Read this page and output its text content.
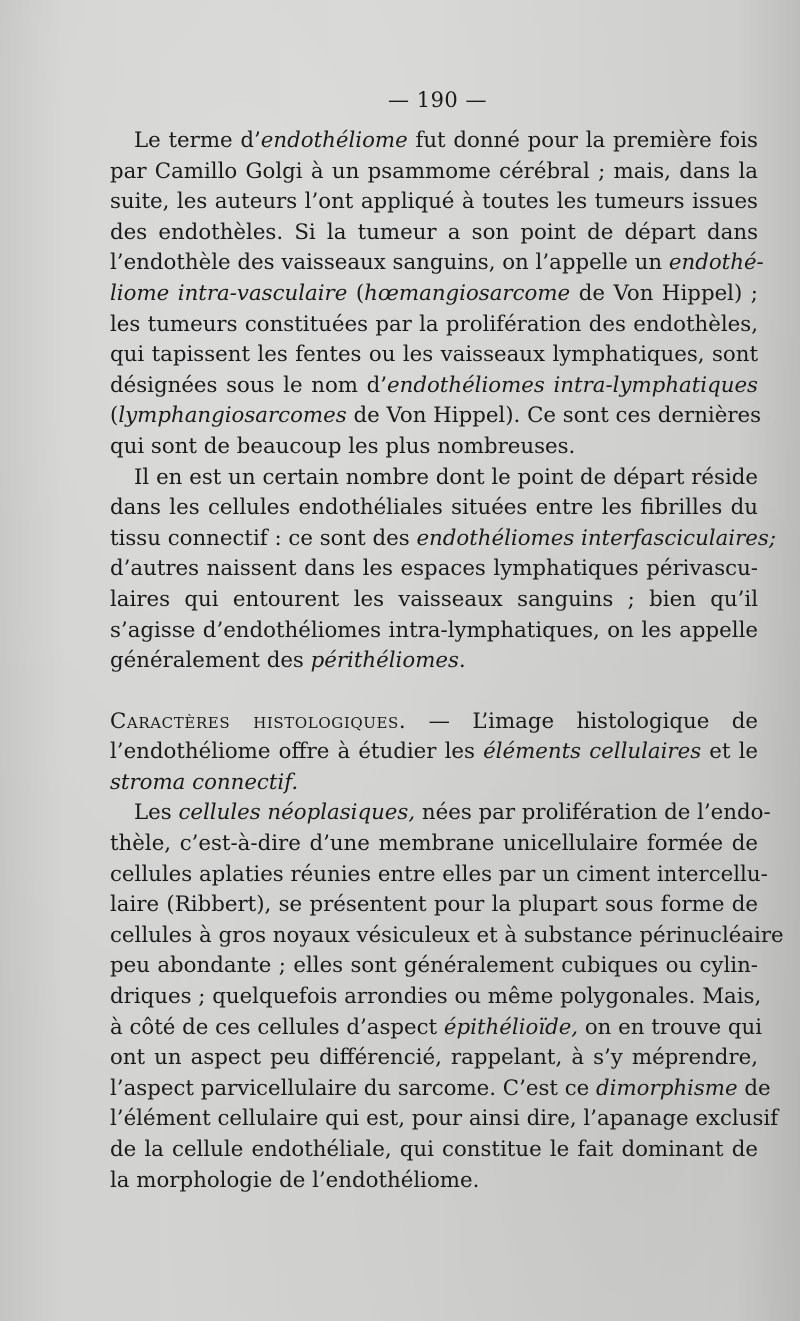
— 190 —
Le terme d’endothéliome fut donné pour la première fois
par Camillo Golgi à un psammome cérébral ; mais, dans la
suite, les auteurs l’ont appliqué à toutes les tumeurs issues
des endothèles. Si la tumeur a son point de départ dans
l’endothèle des vaisseaux sanguins, on l’appelle un endothé-
liome intra-vasculaire (hœmangiosarcome de Von Hippel) ;
les tumeurs constituées par la prolifération des endothèles,
qui tapissent les fentes ou les vaisseaux lymphatiques, sont
désignées sous le nom d’endothéliomes intra-lymphatiques
(lymphangiosarcomes de Von Hippel). Ce sont ces dernières
qui sont de beaucoup les plus nombreuses.
Il en est un certain nombre dont le point de départ réside
dans les cellules endothéliales situées entre les fibrilles du
tissu connectif : ce sont des endothéliomes interfasciculaires;
d’autres naissent dans les espaces lymphatiques périvascu-
laires qui entourent les vaisseaux sanguins ; bien qu’il
s’agisse d’endothéliomes intra-lymphatiques, on les appelle
généralement des périthéliomes.
Caractères histologiques. — L’image histologique de
l’endothéliome offre à étudier les éléments cellulaires et le
stroma connectif.
Les cellules néoplasiques, nées par prolifération de l’endo-
thèle, c’est-à-dire d’une membrane unicellulaire formée de
cellules aplaties réunies entre elles par un ciment intercellu-
laire (Ribbert), se présentent pour la plupart sous forme de
cellules à gros noyaux vésiculeux et à substance périnucléaire
peu abondante ; elles sont généralement cubiques ou cylin-
driques ; quelquefois arrondies ou même polygonales. Mais,
à côté de ces cellules d’aspect épithélioïde, on en trouve qui
ont un aspect peu différencié, rappelant, à s’y méprendre,
l’aspect parvicellulaire du sarcome. C’est ce dimorphisme de
l’élément cellulaire qui est, pour ainsi dire, l’apanage exclusif
de la cellule endothéliale, qui constitue le fait dominant de
la morphologie de l’endothéliome.
